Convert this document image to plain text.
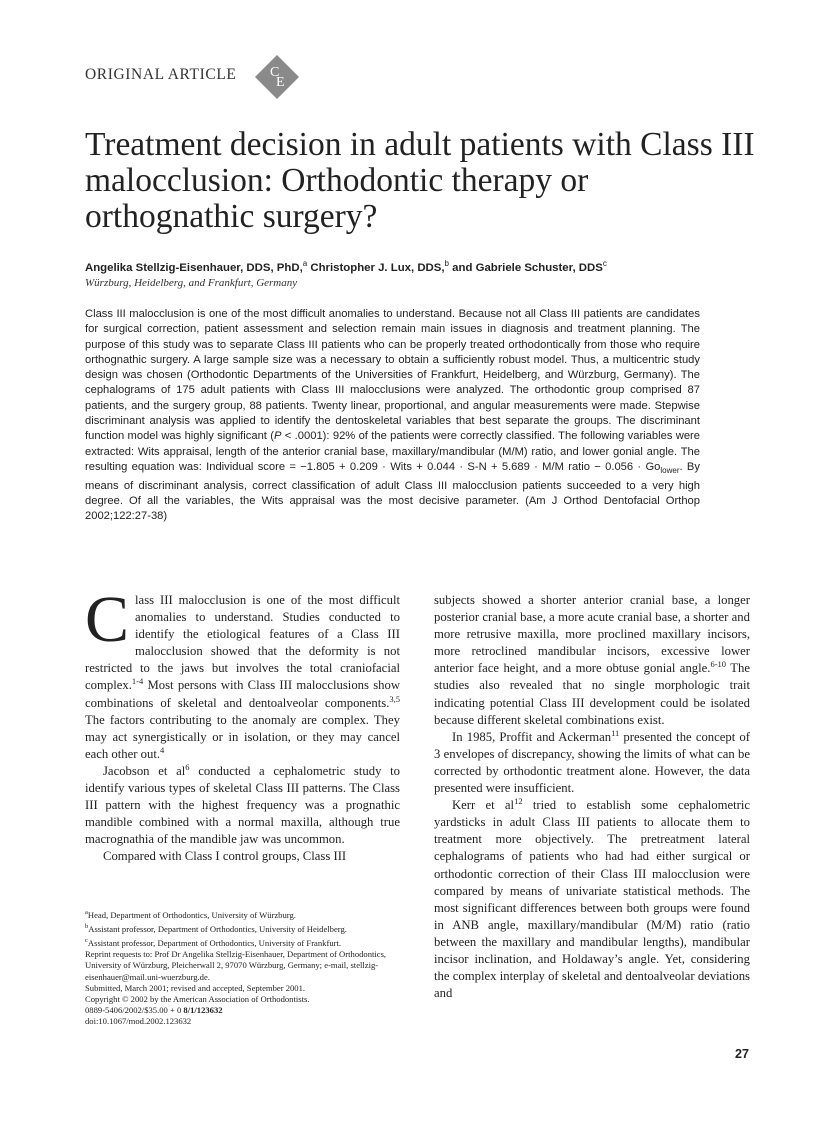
ORIGINAL ARTICLE C
E
Treatment decision in adult patients with Class III malocclusion: Orthodontic therapy or orthognathic surgery?
Angelika Stellzig-Eisenhauer, DDS, PhD,$^a$ Christopher J. Lux, DDS,$^b$ and Gabriele Schuster, DDS$^c$
Würzburg, Heidelberg, and Frankfurt, Germany

Class III malocclusion is one of the most difficult anomalies to understand. Because not all Class III patients are candidates for surgical correction, patient assessment and selection remain main issues in diagnosis and treatment planning. The purpose of this study was to separate Class III patients who can be properly treated orthodontically from those who require orthognathic surgery. A large sample size was a necessary to obtain a sufficiently robust model. Thus, a multicentric study design was chosen (Orthodontic Departments of the Universities of Frankfurt, Heidelberg, and Würzburg, Germany). The cephalograms of 175 adult patients with Class III malocclusions were analyzed. The orthodontic group comprised 87 patients, and the surgery group, 88 patients. Twenty linear, proportional, and angular measurements were made. Stepwise discriminant analysis was applied to identify the dentoskeletal variables that best separate the groups. The discriminant function model was highly significant (P < .0001): 92% of the patients were correctly classified. The following variables were extracted: Wits appraisal, length of the anterior cranial base, maxillary/mandibular (M/M) ratio, and lower gonial angle. The resulting equation was: Individual score = −1.805 + 0.209 · Wits + 0.044 · S-N + 5.689 · M/M ratio − $0.056 \cdot Go_{lower}$. By means of discriminant analysis, correct classification of adult Class III malocclusion patients succeeded to a very high degree. Of all the variables, the Wits appraisal was the most decisive parameter. (Am J Orthod Dentofacial Orthop 2002;122:27-38)

Class III malocclusion is one of the most difficult anomalies to understand. Studies conducted to identify the etiological features of a Class III malocclusion showed that the deformity is not restricted to the jaws but involves the total craniofacial complex.$^{1-4}$ Most persons with Class III malocclusions show combinations of skeletal and dentoalveolar components.$^{3,5}$ The factors contributing to the anomaly are complex. They may act synergistically or in isolation, or they may cancel each other out.$^4$

Jacobson et $al^6$ conducted a cephalometric study to identify various types of skeletal Class III patterns. The Class III pattern with the highest frequency was a prognathic mandible combined with a normal maxilla, although true macrognathia of the mandible jaw was uncommon.

Compared with Class I control groups, Class III

subjects showed a shorter anterior cranial base, a longer posterior cranial base, a more acute cranial base, a shorter and more retrusive maxilla, more proclined maxillary incisors, more retroclined mandibular incisors, excessive lower anterior face height, and a more obtuse gonial angle.$^{6-10}$ The studies also revealed that no single morphologic trait indicating potential Class III development could be isolated because different skeletal combinations exist.

In 1985, Proffit and Ackerman$^{11}$ presented the concept of 3 envelopes of discrepancy, showing the limits of what can be corrected by orthodontic treatment alone. However, the data presented were insufficient.

Kerr et $al^{12}$ tried to establish some cephalometric yardsticks in adult Class III patients to allocate them to treatment more objectively. The pretreatment lateral cephalograms of patients who had had either surgical or orthodontic correction of their Class III malocclusion were compared by means of univariate statistical methods. The most significant differences between both groups were found in ANB angle, maxillary/mandibular (M/M) ratio (ratio between the maxillary and mandibular lengths), mandibular incisor inclination, and Holdaway’s angle. Yet, considering the complex interplay of skeletal and dentoalveolar deviations and

$^a$Head, Department of Orthodontics, University of Würzburg.
$^b$Assistant professor, Department of Orthodontics, University of Heidelberg.
$^c$Assistant professor, Department of Orthodontics, University of Frankfurt.
Reprint requests to: Prof Dr Angelika Stellzig-Eisenhauer, Department of Orthodontics, University of Würzburg, Pleicherwall 2, 97070 Würzburg, Germany; e-mail, stellzig-eisenhauer@mail.uni-wuerzburg.de.
Submitted, March 2001; revised and accepted, September 2001.
Copyright © 2002 by the American Association of Orthodontists.
0889-5406/2002/$35.00 + 0 8/1/123632
doi:10.1067/mod.2002.123632
27
